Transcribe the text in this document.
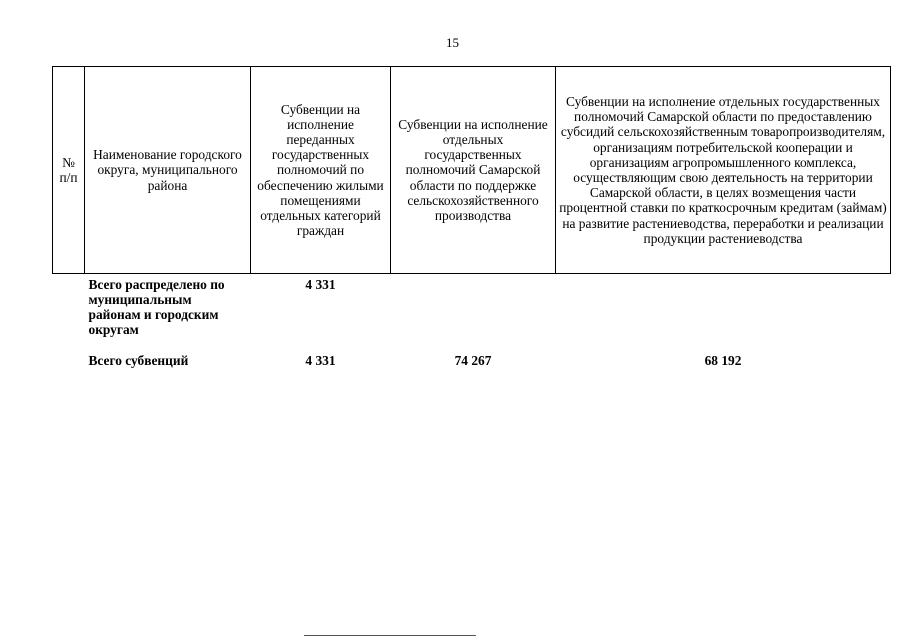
15
№
п/п	Наименование городского округа, муниципального района	Субвенции на исполнение переданных государственных полномочий по обеспечению жилыми помещениями отдельных категорий граждан	Субвенции на исполнение отдельных государственных полномочий Самарской области по поддержке сельскохозяйственного производства	Субвенции на исполнение отдельных государственных полномочий Самарской области по предоставлению субсидий сельскохозяйственным товаропроизводителям, организациям потребительской кооперации и организациям агропромышленного комплекса, осуществляющим свою деятельность на территории Самарской области, в целях возмещения части процентной ставки по краткосрочным кредитам (займам) на развитие растениеводства, переработки и реализации продукции растениеводства
	Всего распределено по муниципальным районам и городским округам	4 331		
	Всего субвенций	4 331	74 267	68 192
